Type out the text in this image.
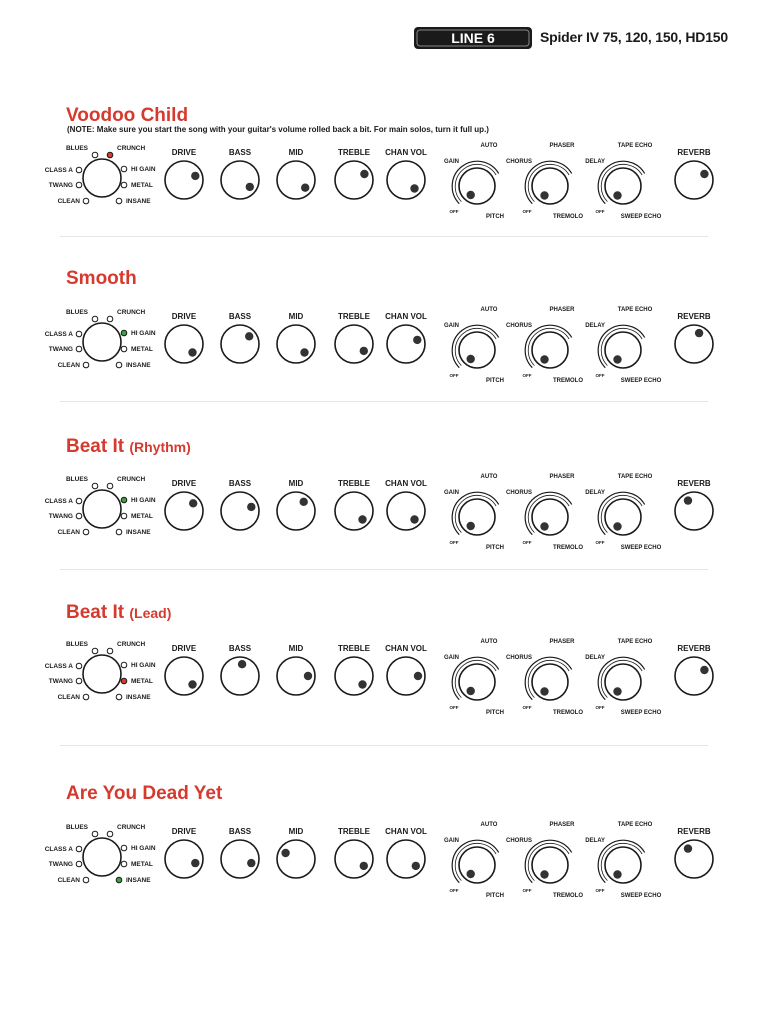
LINE 6	Spider IV 75, 120, 150, HD150
Voodoo Child
(NOTE: Make sure you start the song with your guitar's volume rolled back a bit. For main solos, turn it full up.)
BLUES	CRUNCH
CLASS A	HI GAIN
TWANG	METAL
CLEAN	INSANE
DRIVE	BASS	MID	TREBLE CHAN VOL	REVERB
AUTO
GAIN
OFF
PITCH
PHASER
CHORUS
OFF
TREMOLO
TAPE ECHO
DELAY
OFF
SWEEP ECHO
Smooth
BLUES	CRUNCH
CLASS A	HI GAIN
TWANG	METAL
CLEAN	INSANE
DRIVE	BASS	MID	TREBLE CHAN VOL	REVERB
AUTO
GAIN
OFF
PITCH
PHASER
CHORUS
OFF
TREMOLO
TAPE ECHO
DELAY
OFF
SWEEP ECHO
Beat It (Rhythm)
BLUES	CRUNCH
CLASS A	HI GAIN
TWANG	METAL
CLEAN	INSANE
DRIVE	BASS	MID	TREBLE CHAN VOL	REVERB
AUTO
GAIN
OFF
PITCH
PHASER
CHORUS
OFF
TREMOLO
TAPE ECHO
DELAY
OFF
SWEEP ECHO
Beat It (Lead)
BLUES	CRUNCH
CLASS A	HI GAIN
TWANG	METAL
CLEAN	INSANE
DRIVE	BASS	MID	TREBLE CHAN VOL	REVERB
AUTO
GAIN
OFF
PITCH
PHASER
CHORUS
OFF
TREMOLO
TAPE ECHO
DELAY
OFF
SWEEP ECHO
Are You Dead Yet
BLUES	CRUNCH
CLASS A	HI GAIN
TWANG	METAL
CLEAN	INSANE
DRIVE	BASS	MID	TREBLE CHAN VOL	REVERB
AUTO
GAIN
OFF
PITCH
PHASER
CHORUS
OFF
TREMOLO
TAPE ECHO
DELAY
OFF
SWEEP ECHO
